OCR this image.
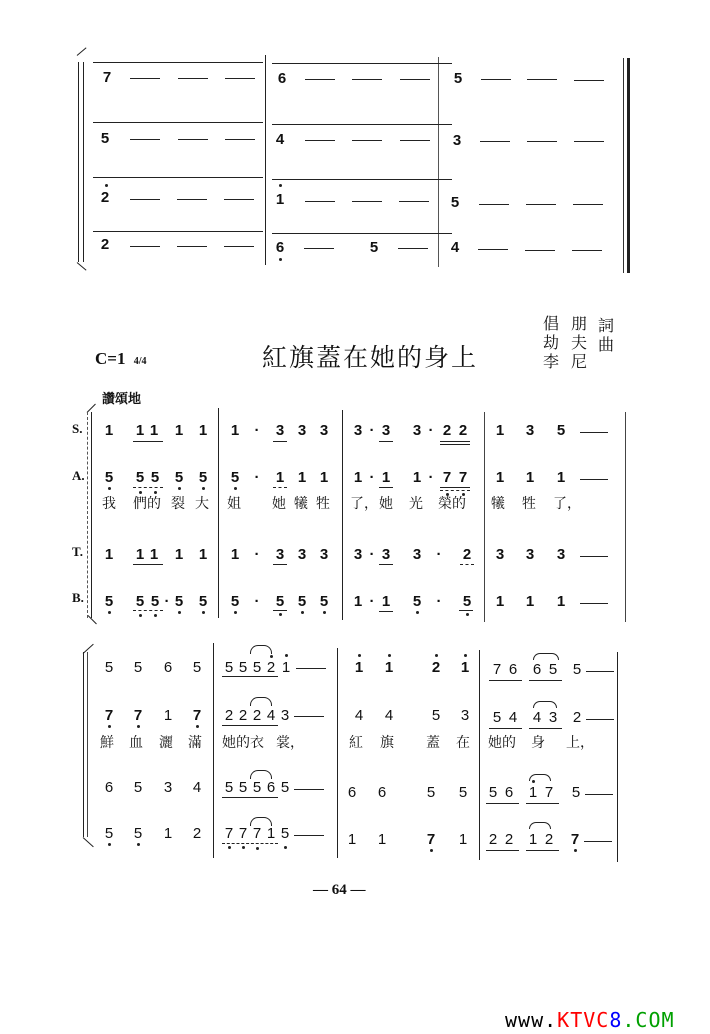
7	6	5
5	4	3
2	1	5
2	6	5	4
C=1 4/4	紅旗蓋在她的身上
倡
劫
李
朋
夫
尼
詞
曲
讚頌地
S.
A.
T.
B.
1 1 1 1 1 1	·	3 3 3 3 · 3 3 · 2 2 1 3 5
5 5 5 5 5 5	·	1 1 1 1 · 1 1 · 7 7 1 1 1
我 們的 裂 大 姐 她 犧 牲 了， 她 光 榮的 犧 牲 了，
1 1 1 1 1 1	·	3 3 3 3 · 3 3	·	2 3 3 3
5 5 5 · 5 5 5	·	5 5 5 1 · 1 5	·	5 1 1 1
5 5 6 5 5 5 5 2 1	1 1	2 1 7 6 6 5 5
7 7 1 7 2 2 2 4 3	4 4	5 3 5 4 4 3 2
鮮 血 灑 滿 她的衣 裳，	紅 旗 蓋 在 她的 身 上，
6 5 3 4 5 5 5 6 5	6 6	5 5 5 6 1 7 5
5 5 1 2 7 7 7 1 5	1 1	7 1 2 2 1 2 7
— 64 —
www.KTVC8.COM
